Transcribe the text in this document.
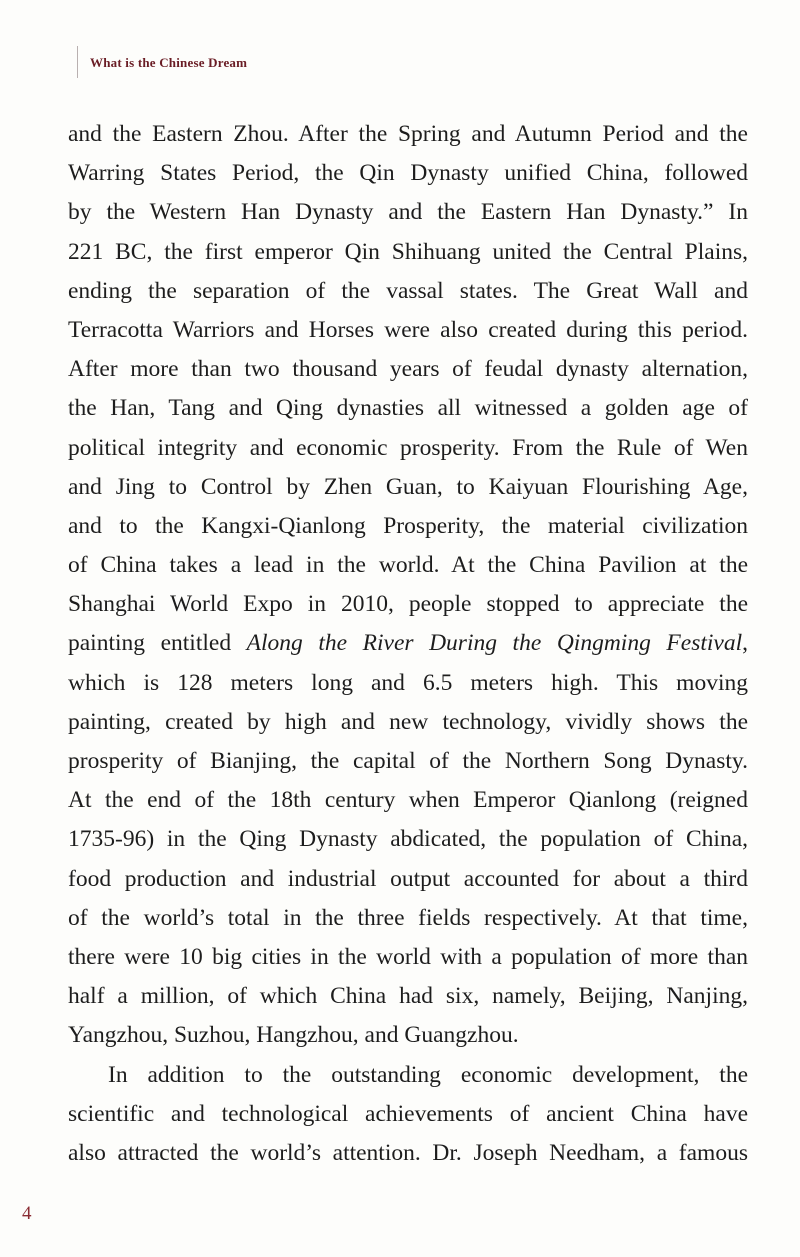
What is the Chinese Dream
and the Eastern Zhou. After the Spring and Autumn Period and the
Warring States Period, the Qin Dynasty unified China, followed
by the Western Han Dynasty and the Eastern Han Dynasty.” In
221 BC, the first emperor Qin Shihuang united the Central Plains,
ending the separation of the vassal states. The Great Wall and
Terracotta Warriors and Horses were also created during this period.
After more than two thousand years of feudal dynasty alternation,
the Han, Tang and Qing dynasties all witnessed a golden age of
political integrity and economic prosperity. From the Rule of Wen
and Jing to Control by Zhen Guan, to Kaiyuan Flourishing Age,
and to the Kangxi-Qianlong Prosperity, the material civilization
of China takes a lead in the world. At the China Pavilion at the
Shanghai World Expo in 2010, people stopped to appreciate the
painting entitled Along the River During the Qingming Festival,
which is 128 meters long and 6.5 meters high. This moving
painting, created by high and new technology, vividly shows the
prosperity of Bianjing, the capital of the Northern Song Dynasty.
At the end of the 18th century when Emperor Qianlong (reigned
1735-96) in the Qing Dynasty abdicated, the population of China,
food production and industrial output accounted for about a third
of the world’s total in the three fields respectively. At that time,
there were 10 big cities in the world with a population of more than
half a million, of which China had six, namely, Beijing, Nanjing,
Yangzhou, Suzhou, Hangzhou, and Guangzhou.
In addition to the outstanding economic development, the
scientific and technological achievements of ancient China have
also attracted the world’s attention. Dr. Joseph Needham, a famous
4
